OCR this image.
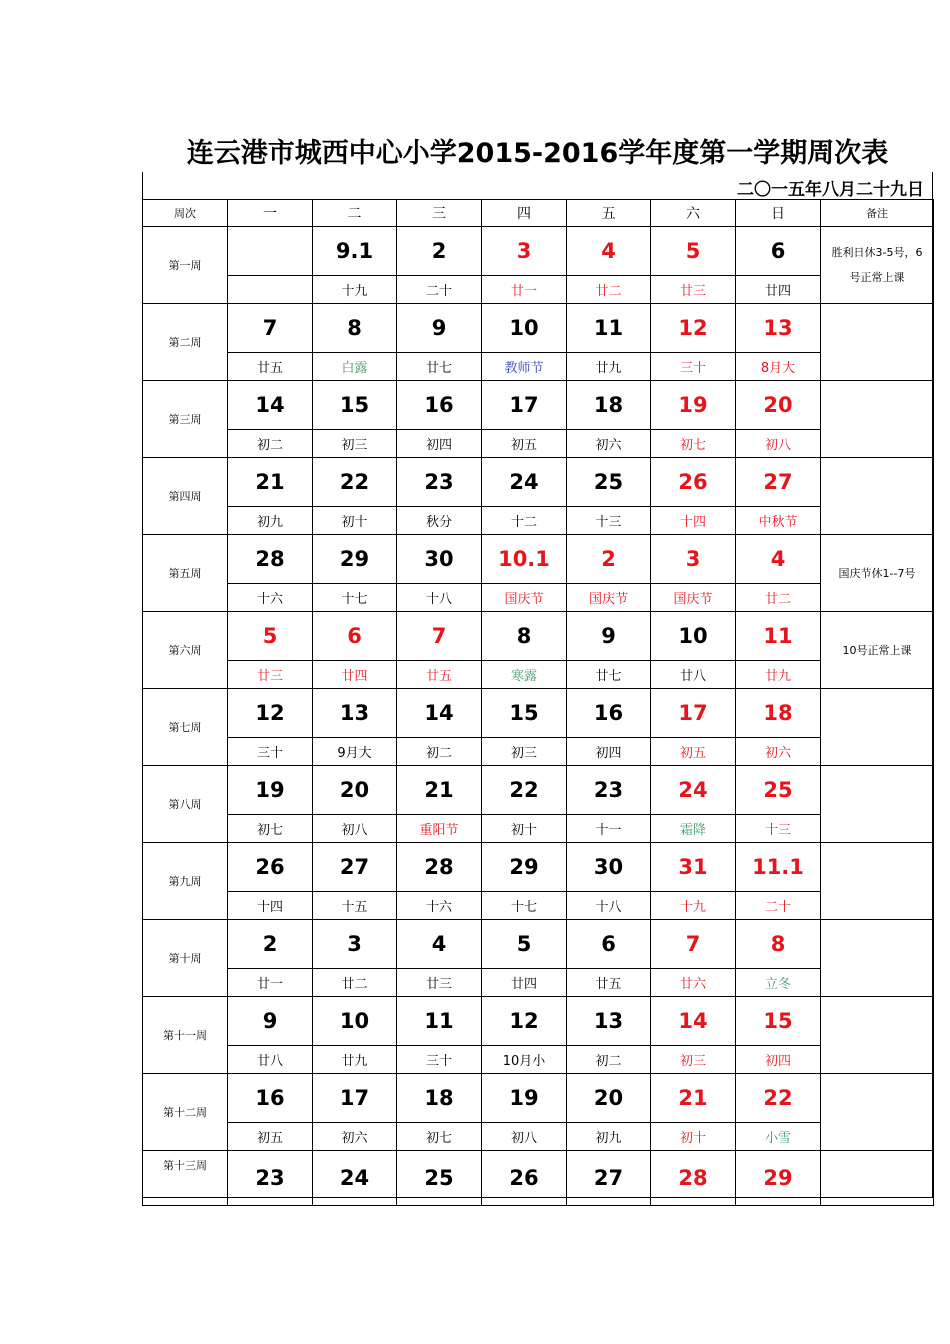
连云港市城西中心小学2015-2016学年度第一学期周次表
二〇一五年八月二十九日
周次	一	二	三	四	五	六	日	备注
第一周		9.1	2	3	4	5	6	胜利日休3-5号，6号正常上课
		十九	二十	廿一	廿二	廿三	廿四	
第二周	7	8	9	10	11	12	13	
	廿五	白露	廿七	教师节	廿九	三十	8月大	
第三周	14	15	16	17	18	19	20	
	初二	初三	初四	初五	初六	初七	初八	
第四周	21	22	23	24	25	26	27	
	初九	初十	秋分	十二	十三	十四	中秋节	
第五周	28	29	30	10.1	2	3	4	国庆节休1--7号
	十六	十七	十八	国庆节	国庆节	国庆节	廿二	
第六周	5	6	7	8	9	10	11	10号正常上课
	廿三	廿四	廿五	寒露	廿七	廿八	廿九	
第七周	12	13	14	15	16	17	18	
	三十	9月大	初二	初三	初四	初五	初六	
第八周	19	20	21	22	23	24	25	
	初七	初八	重阳节	初十	十一	霜降	十三	
第九周	26	27	28	29	30	31	11.1	
	十四	十五	十六	十七	十八	十九	二十	
第十周	2	3	4	5	6	7	8	
	廿一	廿二	廿三	廿四	廿五	廿六	立冬	
第十一周	9	10	11	12	13	14	15	
	廿八	廿九	三十	10月小	初二	初三	初四	
第十二周	16	17	18	19	20	21	22	
	初五	初六	初七	初八	初九	初十	小雪	
第十三周	23	24	25	26	27	28	29	
